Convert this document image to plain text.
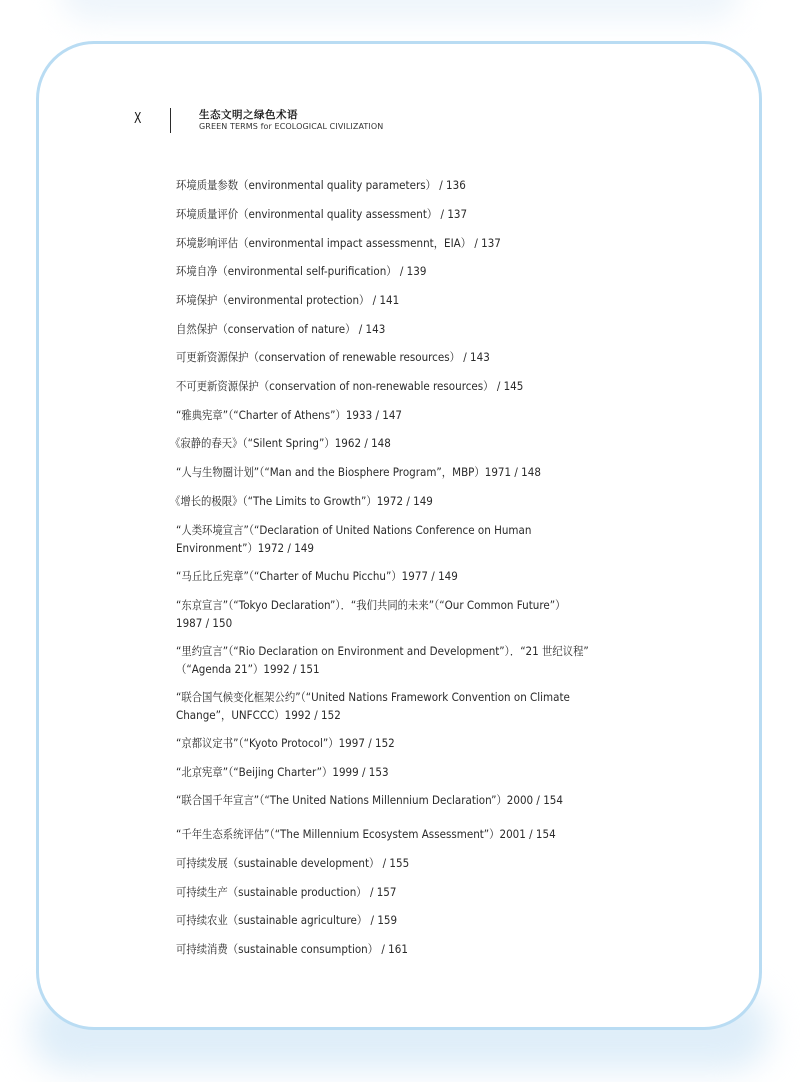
X	生态文明之绿色术语
GREEN TERMS for ECOLOGICAL CIVILIZATION
环境质量参数（environmental quality parameters） / 136
环境质量评价（environmental quality assessment） / 137
环境影响评估（environmental impact assessmennt，EIA） / 137
环境自净（environmental self-purification） / 139
环境保护（environmental protection） / 141
自然保护（conservation of nature） / 143
可更新资源保护（conservation of renewable resources） / 143
不可更新资源保护（conservation of non-renewable resources） / 145
“雅典宪章”（“Charter of Athens”）1933 / 147
《寂静的春天》（“Silent Spring”）1962 / 148
“人与生物圈计划”（“Man and the Biosphere Program”，MBP）1971 / 148
《增长的极限》（“The Limits to Growth”）1972 / 149
“人类环境宣言”（“Declaration of United Nations Conference on Human
Environment”）1972 / 149
“马丘比丘宪章”（“Charter of Muchu Picchu”）1977 / 149
“东京宣言”（“Tokyo Declaration”）．“我们共同的未来”（“Our Common Future”）
1987 / 150
“里约宣言”（“Rio Declaration on Environment and Development”）．“21 世纪议程”
（“Agenda 21”）1992 / 151
“联合国气候变化框架公约”（“United Nations Framework Convention on Climate
Change”，UNFCCC）1992 / 152
“京都议定书”（“Kyoto Protocol”）1997 / 152
“北京宪章”（“Beijing Charter”）1999 / 153
“联合国千年宣言”（“The United Nations Millennium Declaration”）2000 / 154
“千年生态系统评估”（“The Millennium Ecosystem Assessment”）2001 / 154
可持续发展（sustainable development） / 155
可持续生产（sustainable production） / 157
可持续农业（sustainable agriculture） / 159
可持续消费（sustainable consumption） / 161
